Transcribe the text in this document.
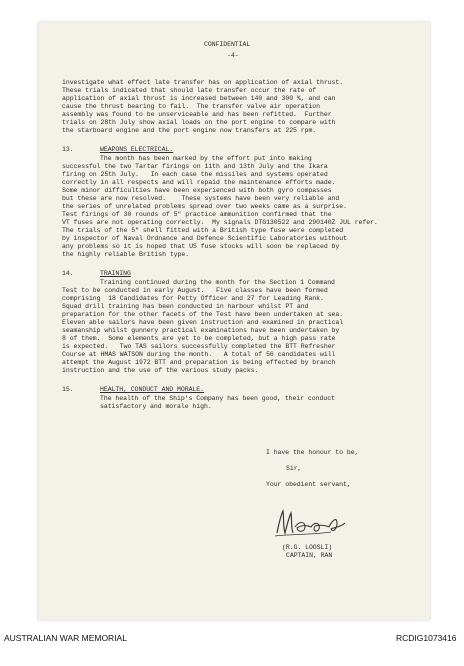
CONFIDENTIAL
-4-
investigate what effect late transfer has on application of axial thrust.
These trials indicated that should late transfer occur the rate of
application of axial thrust is increased between 140 and 300 %, and can
cause the thrust bearing to fail.  The transfer valve air operation
assembly was found to be unserviceable and has been refitted.  Further
trials on 28th July show axial loads on the port engine to compare with
the starboard engine and the port engine now transfers at 225 rpm.
13.	WEAPONS ELECTRICAL.
The month has been marked by the effort put into making
successful the two Tartar firings on 11th and 13th July and the Ikara
firing on 25th July.   In each case the missiles and systems operated
correctly in all respects and will repaid the maintenance efforts made.
Some minor difficulties have been experienced with both gyro compasses
but these are now resolved.    These systems have been very reliable and
the series of unrelated problems spread over two weeks came as a surprise.
Test firings of 30 rounds of 5" practice ammunition confirmed that the
VT fuses are not operating correctly.  My signals DTG130522 and 290140Z JUL refer.
The trials of the 5" shell fitted with a British type fuse were completed
by inspector of Naval Ordnance and Defence Scientific Laboratories without
any problems so it is hoped that US fuse stocks will soon be replaced by
the highly reliable British type.
14.	TRAINING
Training continued during the month for the Section 1 Command
Test to be conducted in early August.   Five classes have been formed
comprising  18 Candidates for Petty Officer and 27 for Leading Rank.
Squad drill training has been conducted in harbour whilst PT and
preparation for the other facets of the Test have been undertaken at sea.
Eleven able sailors have been given instruction and examined in practical
seamanship whilst gunnery practical examinations have been undertaken by
8 of them.  Some elements are yet to be completed, but a high pass rate
is expected.   Two TAS sailors successfully completed the BTT Refresher
Course at HMAS WATSON during the month.   A total of 56 candidates will
attempt the August 1972 BTT and preparation is being effected by branch
instruction and the use of the various study packs.
15.	HEALTH, CONDUCT AND MORALE.
The health of the Ship's Company has been good, their conduct
satisfactory and morale high.
I have the honour to be,
Sir,
Your obedient servant,
(R.G. LOOSLI)
CAPTAIN, RAN
AUSTRALIAN WAR MEMORIAL	RCDIG1073416
